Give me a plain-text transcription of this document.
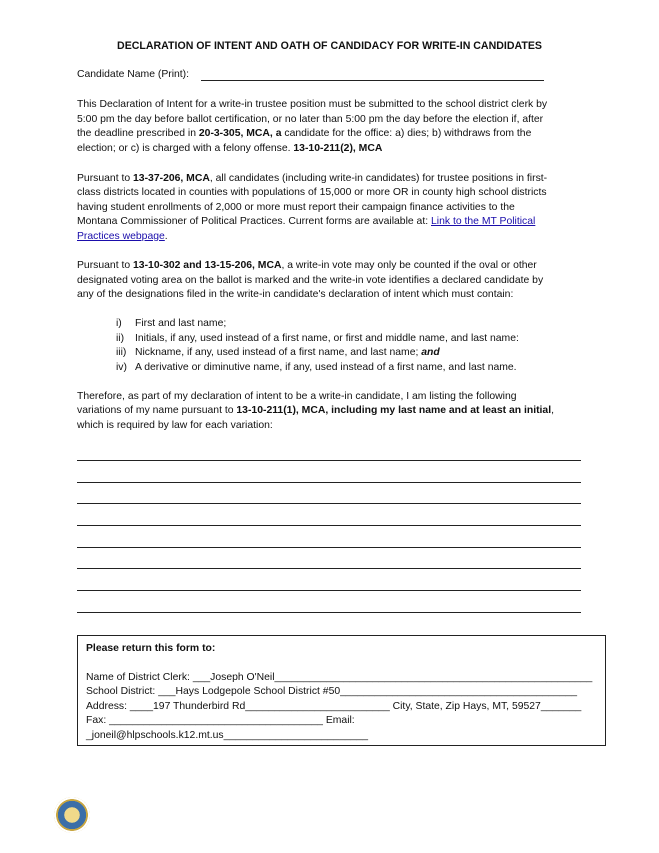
DECLARATION OF INTENT AND OATH OF CANDIDACY FOR WRITE-IN CANDIDATES
Candidate Name (Print):
This Declaration of Intent for a write-in trustee position must be submitted to the school district clerk by
5:00 pm the day before ballot certification, or no later than 5:00 pm the day before the election if, after
the deadline prescribed in 20-3-305, MCA, a candidate for the office: a) dies; b) withdraws from the
election; or c) is charged with a felony offense. 13-10-211(2), MCA
Pursuant to 13-37-206, MCA, all candidates (including write-in candidates) for trustee positions in first-
class districts located in counties with populations of 15,000 or more OR in county high school districts
having student enrollments of 2,000 or more must report their campaign finance activities to the
Montana Commissioner of Political Practices. Current forms are available at: Link to the MT Political
Practices webpage.
Pursuant to 13-10-302 and 13-15-206, MCA, a write-in vote may only be counted if the oval or other
designated voting area on the ballot is marked and the write-in vote identifies a declared candidate by
any of the designations filed in the write-in candidate's declaration of intent which must contain:
i) First and last name;
ii) Initials, if any, used instead of a first name, or first and middle name, and last name:
iii) Nickname, if any, used instead of a first name, and last name; and
iv) A derivative or diminutive name, if any, used instead of a first name, and last name.
Therefore, as part of my declaration of intent to be a write-in candidate, I am listing the following
variations of my name pursuant to 13-10-211(1), MCA, including my last name and at least an initial,
which is required by law for each variation:
Please return this form to:
Name of District Clerk: ___Joseph O'Neil_______________________________________________________
School District: ___Hays Lodgepole School District #50_________________________________________
Address: ____197 Thunderbird Rd_________________________ City, State, Zip Hays, MT, 59527_______
Fax: _____________________________________ Email:
_joneil@hlpschools.k12.mt.us_________________________
